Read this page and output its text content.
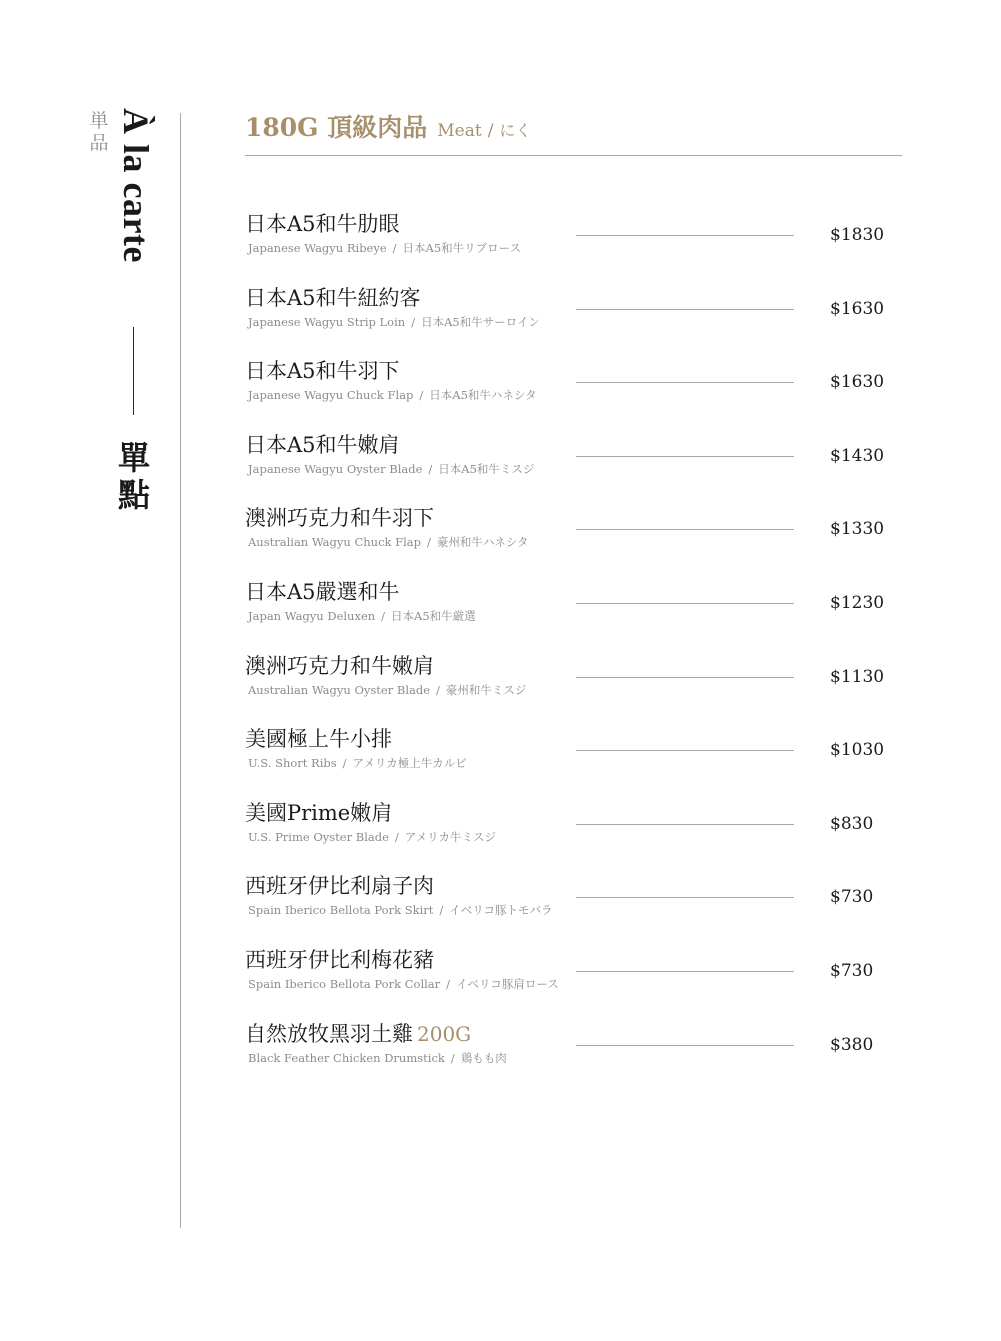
単品 À la carte
單點
180G 頂級肉品 Meat / にく
日本A5和牛肋眼
Japanese Wagyu Ribeye / 日本A5和牛リブロース
$1830
日本A5和牛紐約客
Japanese Wagyu Strip Loin / 日本A5和牛サーロイン
$1630
日本A5和牛羽下
Japanese Wagyu Chuck Flap / 日本A5和牛ハネシタ
$1630
日本A5和牛嫩肩
Japanese Wagyu Oyster Blade / 日本A5和牛ミスジ
$1430
澳洲巧克力和牛羽下
Australian Wagyu Chuck Flap / 豪州和牛ハネシタ
$1330
日本A5嚴選和牛
Japan Wagyu Deluxen / 日本A5和牛厳選
$1230
澳洲巧克力和牛嫩肩
Australian Wagyu Oyster Blade / 豪州和牛ミスジ
$1130
美國極上牛小排
U.S. Short Ribs / アメリカ極上牛カルビ
$1030
美國Prime嫩肩
U.S. Prime Oyster Blade / アメリカ牛ミスジ
$830
西班牙伊比利扇子肉
Spain Iberico Bellota Pork Skirt / イベリコ豚トモバラ
$730
西班牙伊比利梅花豬
Spain Iberico Bellota Pork Collar / イベリコ豚肩ロース
$730
自然放牧黑羽土雞 200G
Black Feather Chicken Drumstick / 鶏もも肉
$380
